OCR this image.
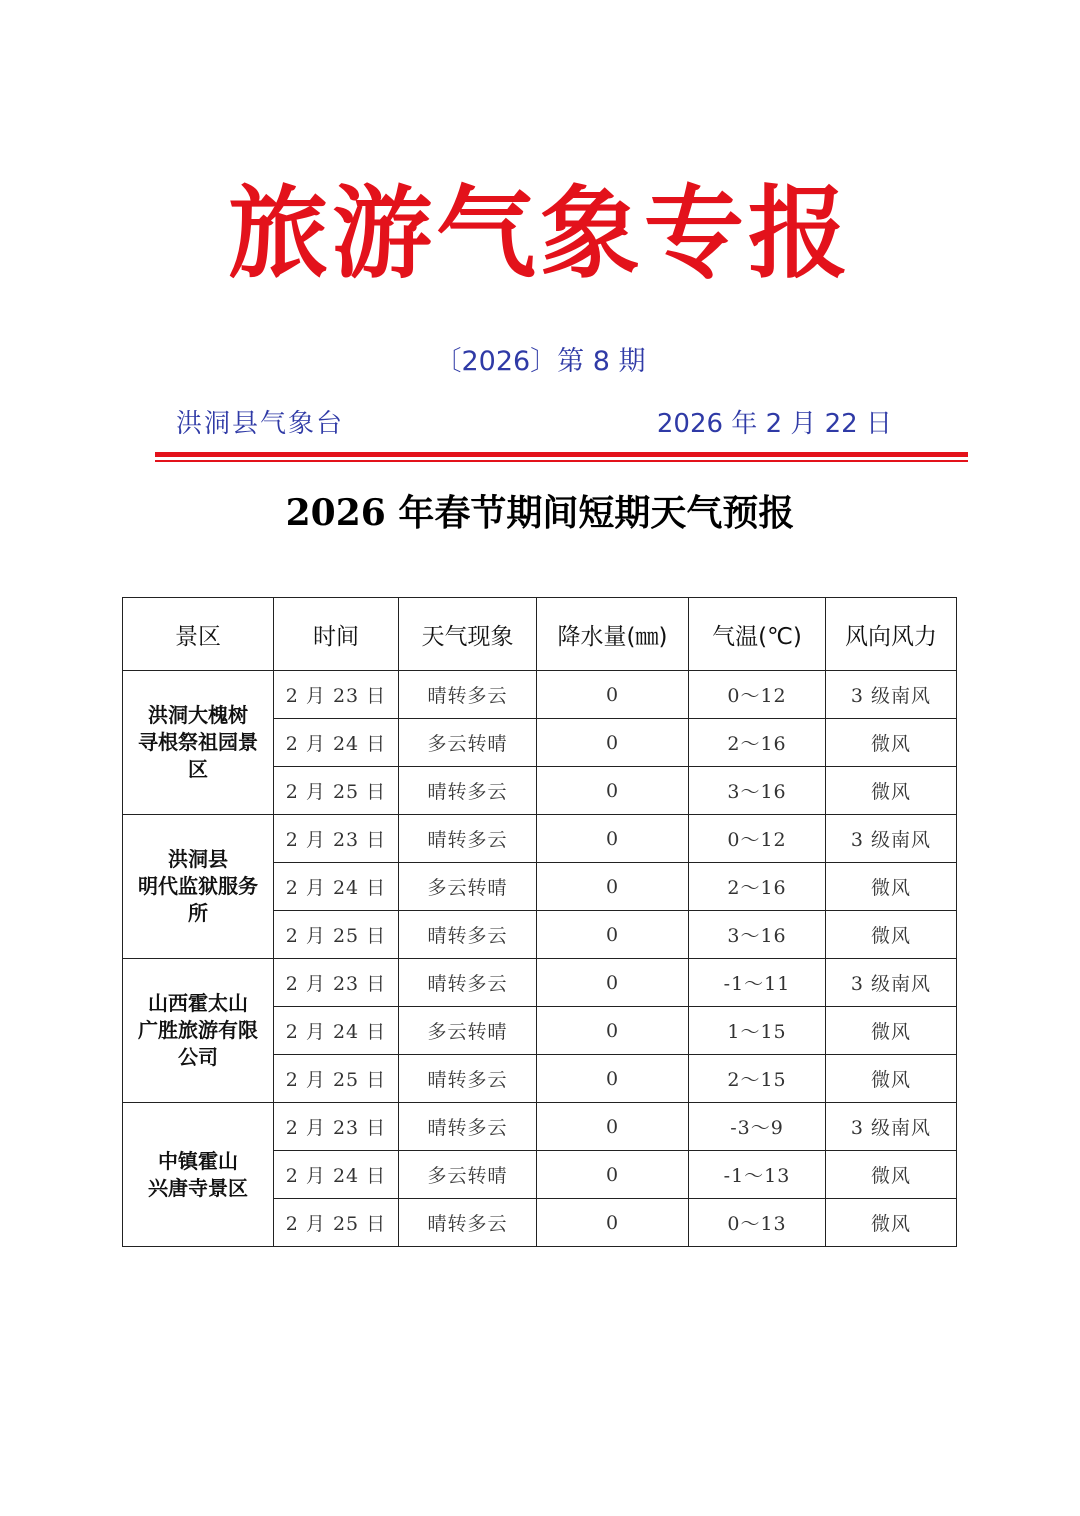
旅游气象专报
〔2026〕第 8 期
洪洞县气象台	2026 年 2 月 22 日
2026 年春节期间短期天气预报
景区	时间	天气现象	降水量(㎜)	气温(℃)	风向风力

洪洞大槐树
寻根祭祖园景
区	2 月 23 日	晴转多云	0	0～12	3 级南风
	2 月 24 日	多云转晴	0	2～16	微风
	2 月 25 日	晴转多云	0	3～16	微风

洪洞县
明代监狱服务
所	2 月 23 日	晴转多云	0	0～12	3 级南风
	2 月 24 日	多云转晴	0	2～16	微风
	2 月 25 日	晴转多云	0	3～16	微风

山西霍太山
广胜旅游有限
公司	2 月 23 日	晴转多云	0	-1～11	3 级南风
	2 月 24 日	多云转晴	0	1～15	微风
	2 月 25 日	晴转多云	0	2～15	微风

中镇霍山
兴唐寺景区	2 月 23 日	晴转多云	0	-3～9	3 级南风
	2 月 24 日	多云转晴	0	-1～13	微风
	2 月 25 日	晴转多云	0	0～13	微风
